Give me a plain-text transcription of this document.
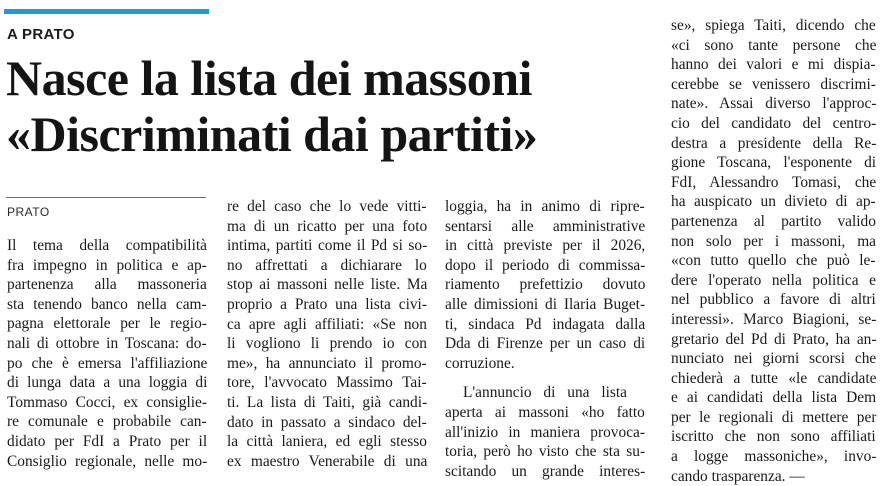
A PRATO
Nasce la lista dei massoni
«Discriminati dai partiti»
PRATO
Il tema della compatibilità
fra impegno in politica e ap-
partenenza alla massoneria
sta tenendo banco nella cam-
pagna elettorale per le regio-
nali di ottobre in Toscana: do-
po che è emersa l'affiliazione
di lunga data a una loggia di
Tommaso Cocci, ex consiglie-
re comunale e probabile can-
didato per FdI a Prato per il
Consiglio regionale, nelle mo-
re del caso che lo vede vitti-
ma di un ricatto per una foto
intima, partiti come il Pd si so-
no affrettati a dichiarare lo
stop ai massoni nelle liste. Ma
proprio a Prato una lista civi-
ca apre agli affiliati: «Se non
li vogliono li prendo io con
me», ha annunciato il promo-
tore, l'avvocato Massimo Tai-
ti. La lista di Taiti, già candi-
dato in passato a sindaco del-
la città laniera, ed egli stesso
ex maestro Venerabile di una
loggia, ha in animo di ripre-
sentarsi alle amministrative
in città previste per il 2026,
dopo il periodo di commissa-
riamento prefettizio dovuto
alle dimissioni di Ilaria Buget-
ti, sindaca Pd indagata dalla
Dda di Firenze per un caso di
corruzione.
L'annuncio di una lista
aperta ai massoni «ho fatto
all'inizio in maniera provoca-
toria, però ho visto che sta su-
scitando un grande interes-
se», spiega Taiti, dicendo che
«ci sono tante persone che
hanno dei valori e mi dispia-
cerebbe se venissero discrimi-
nate». Assai diverso l'approc-
cio del candidato del centro-
destra a presidente della Re-
gione Toscana, l'esponente di
FdI, Alessandro Tomasi, che
ha auspicato un divieto di ap-
partenenza al partito valido
non solo per i massoni, ma
«con tutto quello che può le-
dere l'operato nella politica e
nel pubblico a favore di altri
interessi». Marco Biagioni, se-
gretario del Pd di Prato, ha an-
nunciato nei giorni scorsi che
chiederà a tutte «le candidate
e ai candidati della lista Dem
per le regionali di mettere per
iscritto che non sono affiliati
a logge massoniche», invo-
cando trasparenza. —
